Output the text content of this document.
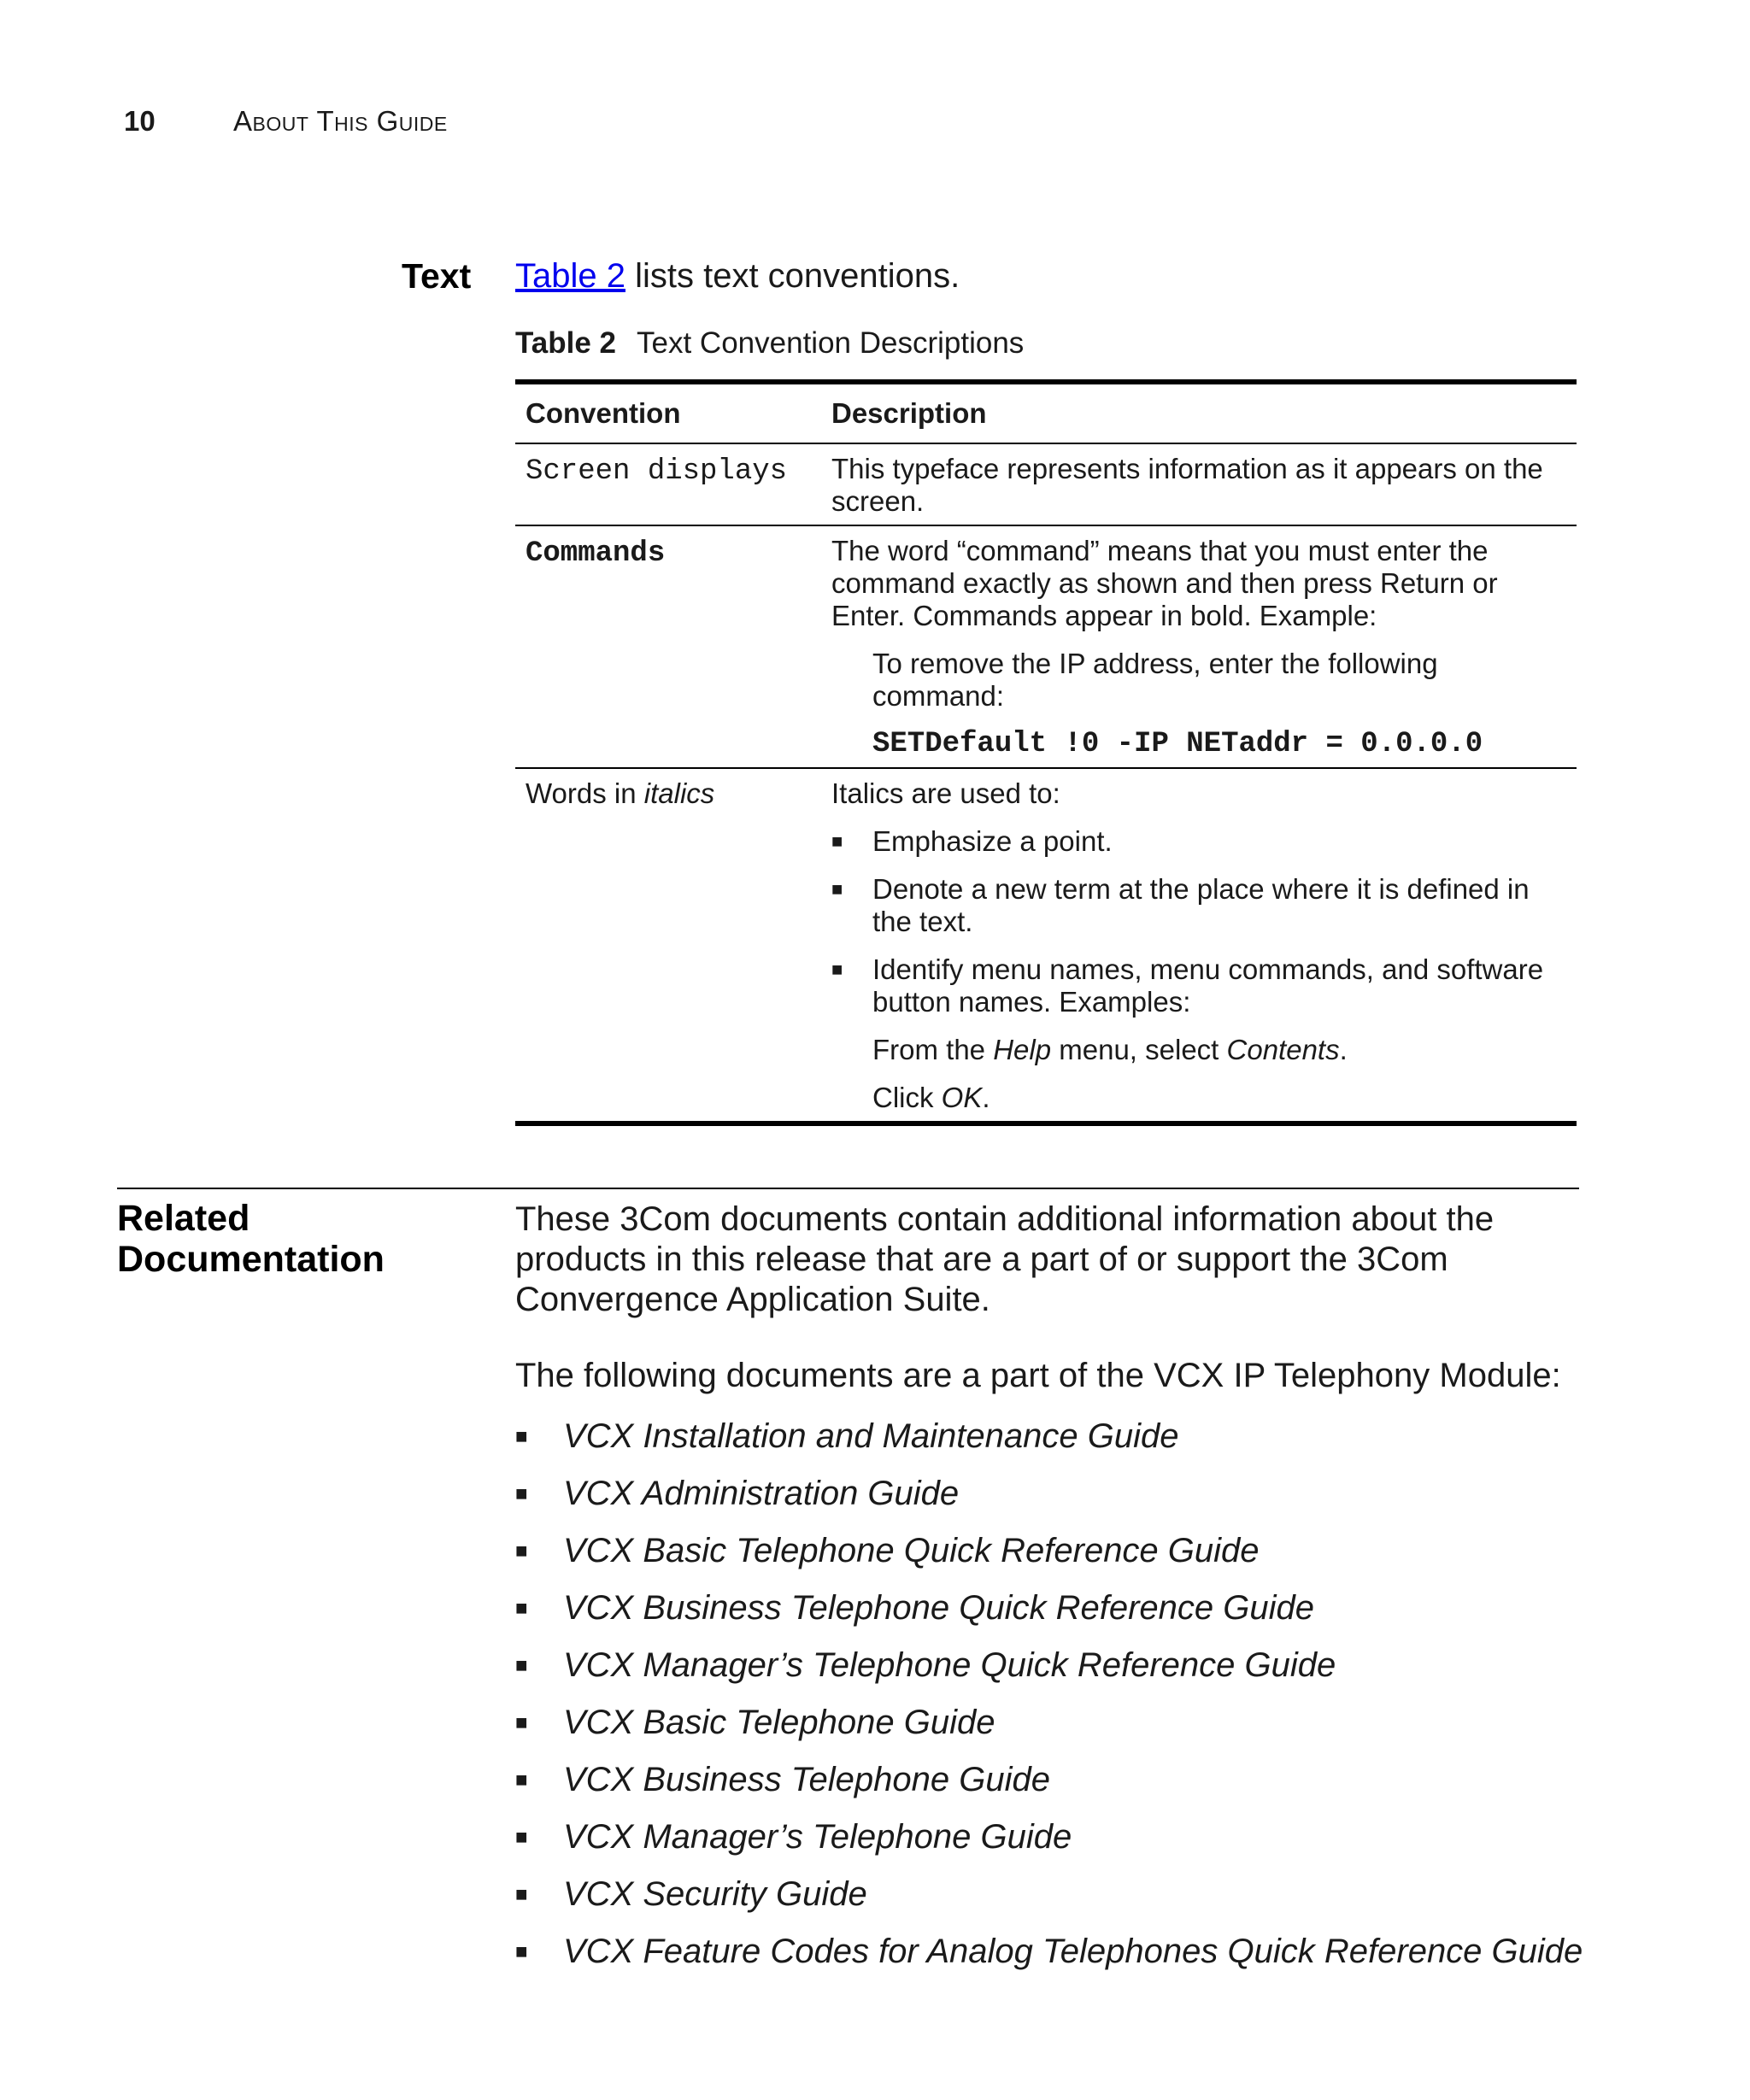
10	About This Guide
Text Table 2 lists text conventions.
Table 2 Text Convention Descriptions
Convention	Description
Screen displays	This typeface represents information as it appears on the screen.

Commands	The word “command” means that you must enter the command exactly as shown and then press Return or Enter. Commands appear in bold. Example:

To remove the IP address, enter the following command:
SETDefault !0 -IP NETaddr = 0.0.0.0
Words in italics	Italics are used to:

■	Emphasize a point.
■	Denote a new term at the place where it is defined in the text.
■	Identify menu names, menu commands, and software button names. Examples:
From the Help menu, select Contents.
Click OK.
Related
Documentation

These 3Com documents contain additional information about the products in this release that are a part of or support the 3Com Convergence Application Suite.

The following documents are a part of the VCX IP Telephony Module:

■	VCX Installation and Maintenance Guide
■	VCX Administration Guide
■	VCX Basic Telephone Quick Reference Guide
■	VCX Business Telephone Quick Reference Guide
■	VCX Manager’s Telephone Quick Reference Guide
■	VCX Basic Telephone Guide
■	VCX Business Telephone Guide
■	VCX Manager’s Telephone Guide
■	VCX Security Guide
■	VCX Feature Codes for Analog Telephones Quick Reference Guide
